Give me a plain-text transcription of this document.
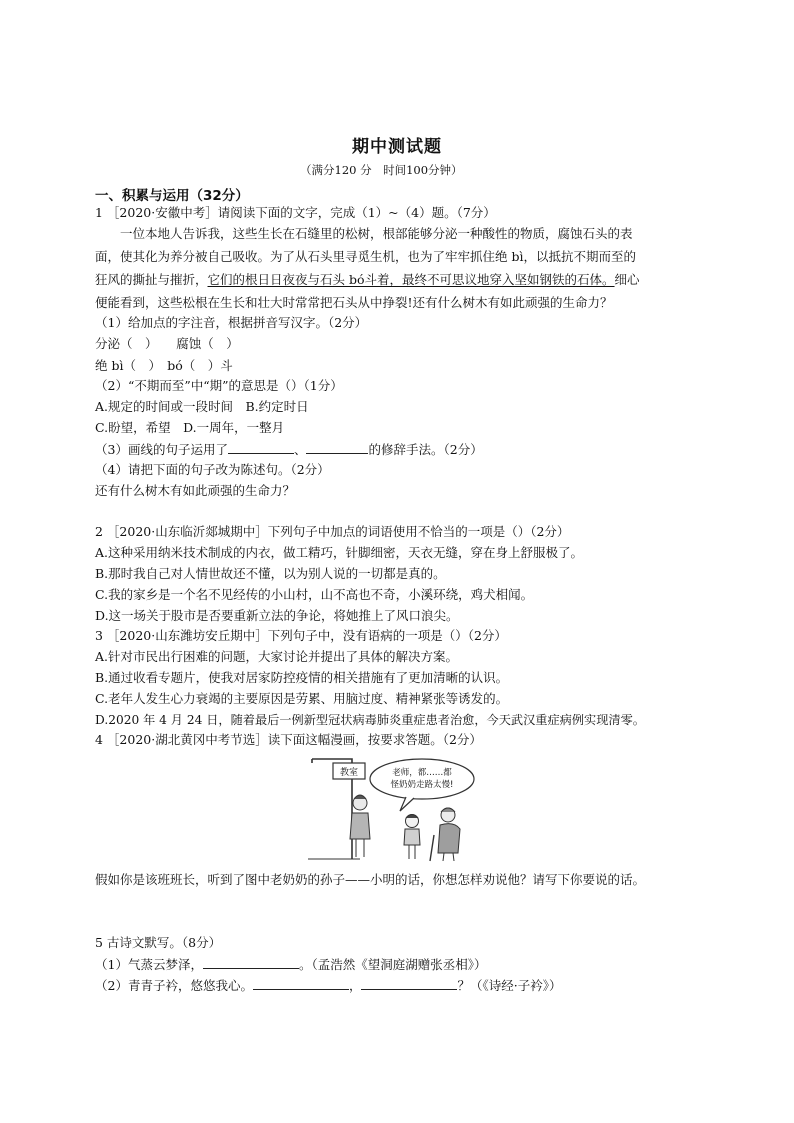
期中测试题
（满分120 分　时间100分钟）
一、积累与运用（32分）
1 ［2020·安徽中考］请阅读下面的文字，完成（1）~（4）题。（7分）
　　一位本地人告诉我，这些生长在石缝里的松树，根部能够分泌一种酸性的物质，腐蚀石头的表
面，使其化为养分被自己吸收。为了从石头里寻觅生机，也为了牢牢抓住绝 bì，以抵抗不期而至的
狂风的撕扯与摧折，它们的根日日夜夜与石头 bó斗着，最终不可思议地穿入坚如钢铁的石体。细心
便能看到，这些松根在生长和壮大时常常把石头从中挣裂!还有什么树木有如此顽强的生命力？
（1）给加点的字注音，根据拼音写汉字。（2分）
分泌（　）　　腐蚀（　）
绝 bì（　）　bó（　）斗
（2）“不期而至”中“期”的意思是（）（1分）
A.规定的时间或一段时间　B.约定时日
C.盼望，希望　D.一周年，一整月
（3）画线的句子运用了	、	的修辞手法。（2分）
（4）请把下面的句子改为陈述句。（2分）
还有什么树木有如此顽强的生命力？
2 ［2020·山东临沂郯城期中］下列句子中加点的词语使用不恰当的一项是（）（2分）
A.这种采用纳米技术制成的内衣，做工精巧，针脚细密，天衣无缝，穿在身上舒服极了。
B.那时我自己对人情世故还不懂，以为别人说的一切都是真的。
C.我的家乡是一个名不见经传的小山村，山不高也不奇，小溪环绕，鸡犬相闻。
D.这一场关于股市是否要重新立法的争论，将她推上了风口浪尖。
3 ［2020·山东潍坊安丘期中］下列句子中，没有语病的一项是（）（2分）
A.针对市民出行困难的问题，大家讨论并提出了具体的解决方案。
B.通过收看专题片，使我对居家防控疫情的相关措施有了更加清晰的认识。
C.老年人发生心力衰竭的主要原因是劳累、用脑过度、精神紧张等诱发的。
D.2020 年 4 月 24 日，随着最后一例新型冠状病毒肺炎重症患者治愈，今天武汉重症病例实现清零。
4 ［2020·湖北黄冈中考节选］读下面这幅漫画，按要求答题。（2分）
教室	老师，都……都
怪奶奶走路太慢!
假如你是该班班长，听到了图中老奶奶的孙子——小明的话，你想怎样劝说他？请写下你要说的话。
5 古诗文默写。（8分）
（1）气蒸云梦泽，	。（孟浩然《望洞庭湖赠张丞相》）
（2）青青子衿，悠悠我心。	，	？（《诗经·子衿》）
